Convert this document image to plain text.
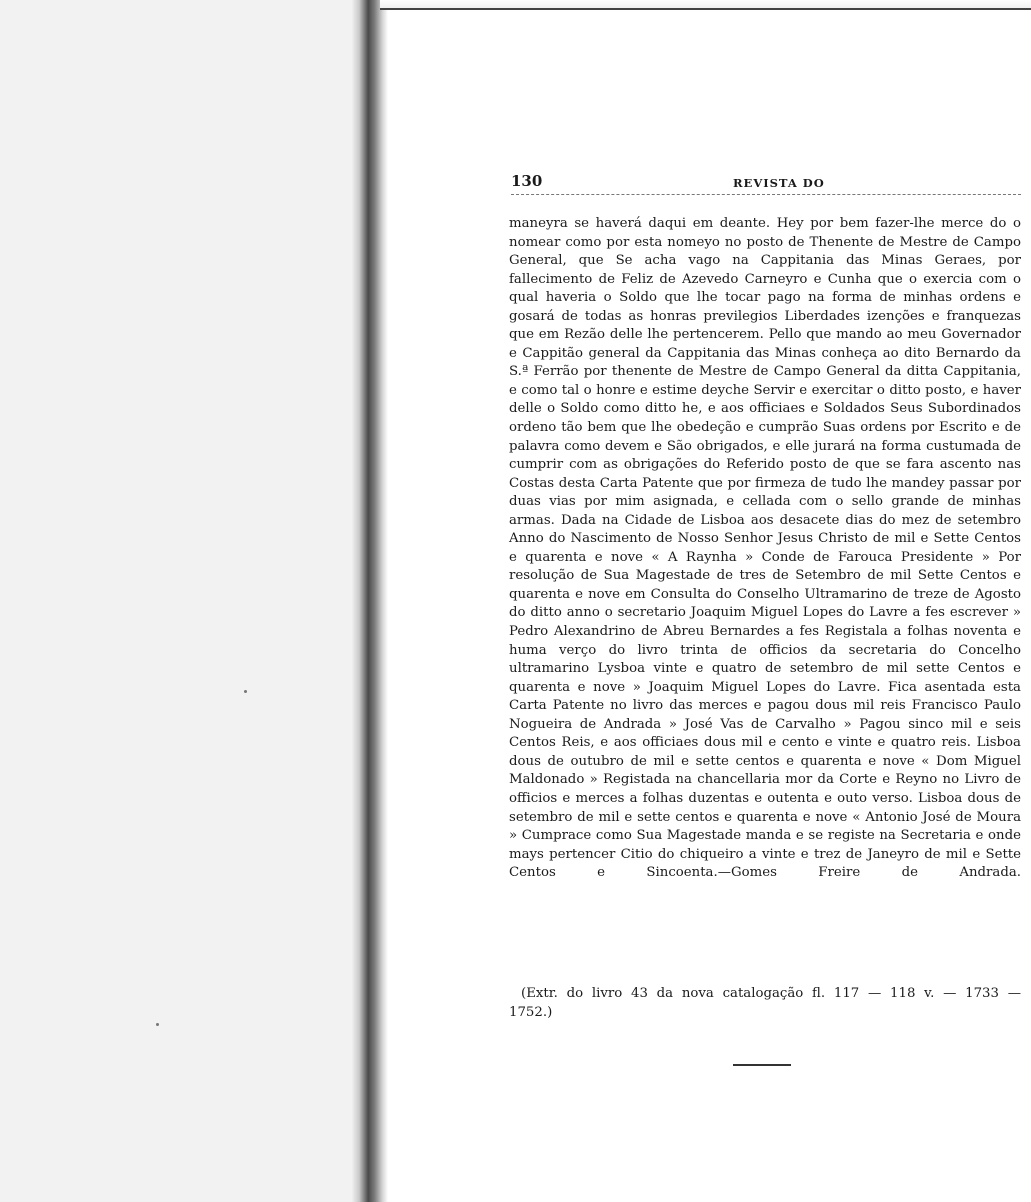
130	REVISTA DO

maneyra se haverá daqui em deante. Hey por bem fazer-lhe merce do o nomear como por esta nomeyo no posto de Thenente de Mestre de Campo General, que Se acha vago na Cappitania das Minas Geraes, por fallecimento de Feliz de Azevedo Carneyro e Cunha que o exercia com o qual haveria o Soldo que lhe tocar pago na forma de minhas ordens e gosará de todas as honras previlegios Liberdades izenções e franquezas que em Rezão delle lhe pertencerem. Pello que mando ao meu Governador e Cappitão general da Cappitania das Minas conheça ao dito Bernardo da S.ª Ferrão por thenente de Mestre de Campo General da ditta Cappitania, e como tal o honre e estime deyche Servir e exercitar o ditto posto, e haver delle o Soldo como ditto he, e aos officiaes e Soldados Seus Subordinados ordeno tão bem que lhe obedeção e cumprão Suas ordens por Escrito e de palavra como devem e São obrigados, e elle jurará na forma custumada de cumprir com as obrigações do Referido posto de que se fara ascento nas Costas desta Carta Patente que por firmeza de tudo lhe mandey passar por duas vias por mim asignada, e cellada com o sello grande de minhas armas. Dada na Cidade de Lisboa aos desacete dias do mez de setembro Anno do Nascimento de Nosso Senhor Jesus Christo de mil e Sette Centos e quarenta e nove « A Raynha » Conde de Farouca Presidente » Por resolução de Sua Magestade de tres de Setembro de mil Sette Centos e quarenta e nove em Consulta do Conselho Ultramarino de treze de Agosto do ditto anno o secretario Joaquim Miguel Lopes do Lavre a fes escrever » Pedro Alexandrino de Abreu Bernardes a fes Registala a folhas noventa e huma verço do livro trinta de officios da secretaria do Concelho ultramarino Lysboa vinte e quatro de setembro de mil sette Centos e quarenta e nove » Joaquim Miguel Lopes do Lavre. Fica asentada esta Carta Patente no livro das merces e pagou dous mil reis Francisco Paulo Nogueira de Andrada » José Vas de Carvalho » Pagou sinco mil e seis Centos Reis, e aos officiaes dous mil e cento e vinte e quatro reis. Lisboa dous de outubro de mil e sette centos e quarenta e nove « Dom Miguel Maldonado » Registada na chancellaria mor da Corte e Reyno no Livro de officios e merces a folhas duzentas e outenta e outo verso. Lisboa dous de setembro de mil e sette centos e quarenta e nove « Antonio José de Moura » Cumprace como Sua Magestade manda e se registe na Secretaria e onde mays pertencer Citio do chiqueiro a vinte e trez de Janeyro de mil e Sette Centos e Sincoenta.—Gomes Freire de Andrada.

(Extr. do livro 43 da nova catalogação fl. 117 — 118 v. — 1733 —
1752.)
